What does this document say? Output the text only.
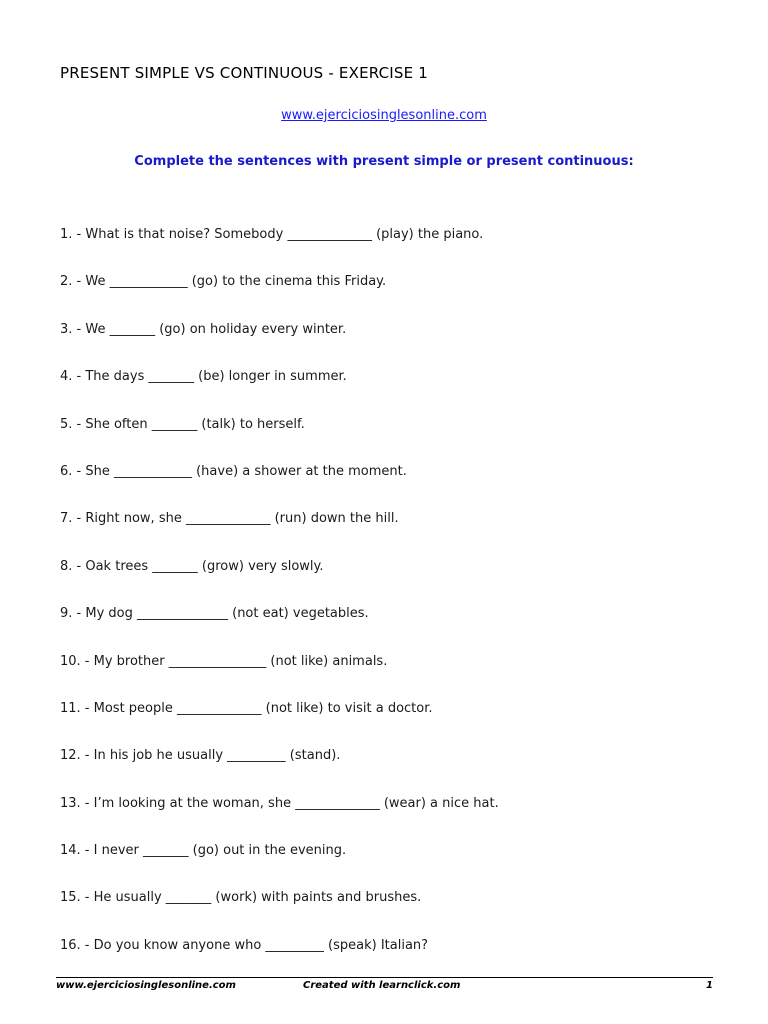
PRESENT SIMPLE VS CONTINUOUS - EXERCISE 1
www.ejerciciosinglesonline.com
Complete the sentences with present simple or present continuous:
1. - What is that noise? Somebody _____________ (play) the piano.
2. - We ____________ (go) to the cinema this Friday.
3. - We _______ (go) on holiday every winter.
4. - The days _______ (be) longer in summer.
5. - She often _______ (talk) to herself.
6. - She ____________ (have) a shower at the moment.
7. - Right now, she _____________ (run) down the hill.
8. - Oak trees _______ (grow) very slowly.
9. - My dog ______________ (not eat) vegetables.
10. - My brother _______________ (not like) animals.
11. - Most people _____________ (not like) to visit a doctor.
12. - In his job he usually _________ (stand).
13. - I’m looking at the woman, she _____________ (wear) a nice hat.
14. - I never _______ (go) out in the evening.
15. - He usually _______ (work) with paints and brushes.
16. - Do you know anyone who _________ (speak) Italian?
www.ejerciciosinglesonline.com	Created with learnclick.com	1
